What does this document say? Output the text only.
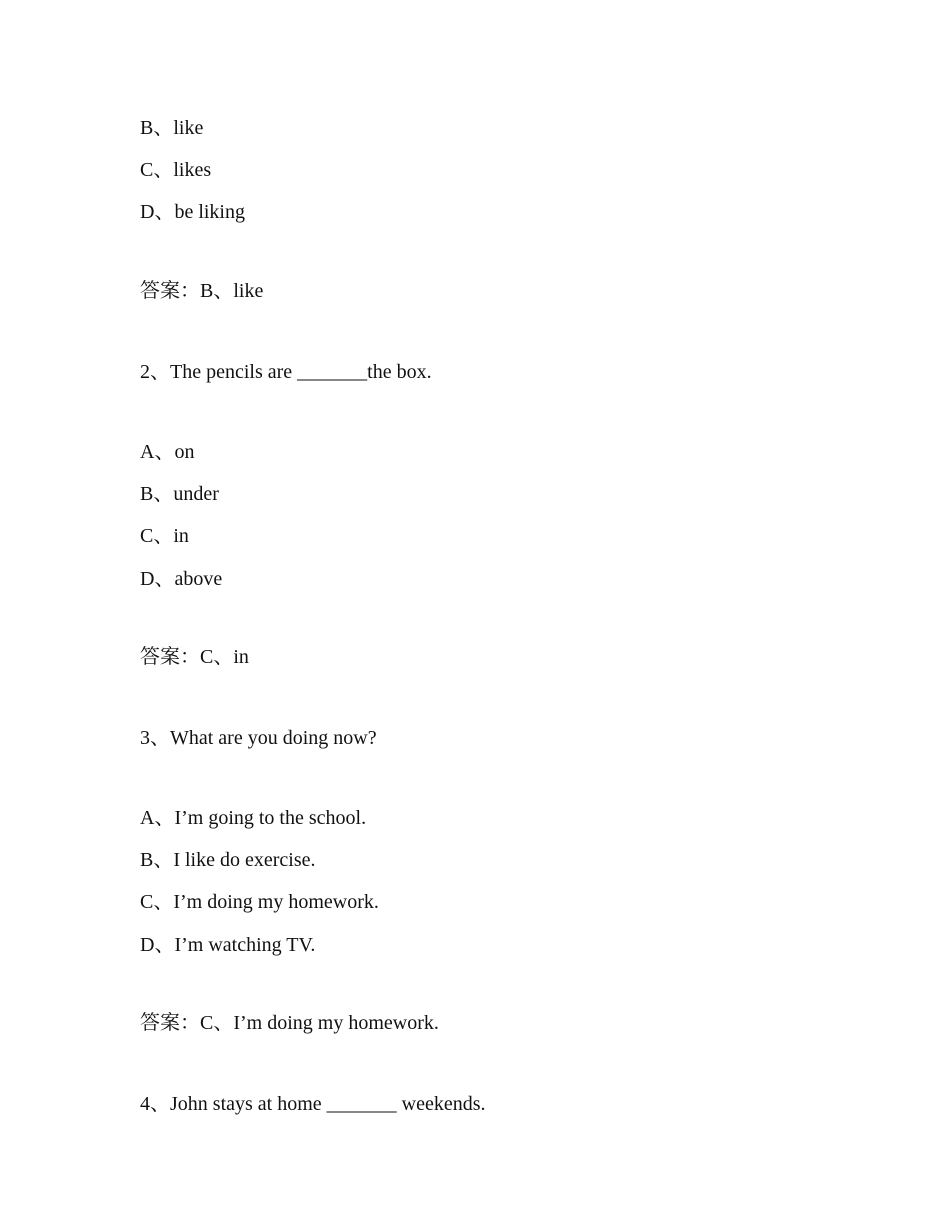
B、like
C、likes
D、be liking
答案：B、like
2、The pencils are _______the box.
A、on
B、under
C、in
D、above
答案：C、in
3、What are you doing now?
A、I’m going to the school.
B、I like do exercise.
C、I’m doing my homework.
D、I’m watching TV.
答案：C、I’m doing my homework.
4、John stays at home _______ weekends.
